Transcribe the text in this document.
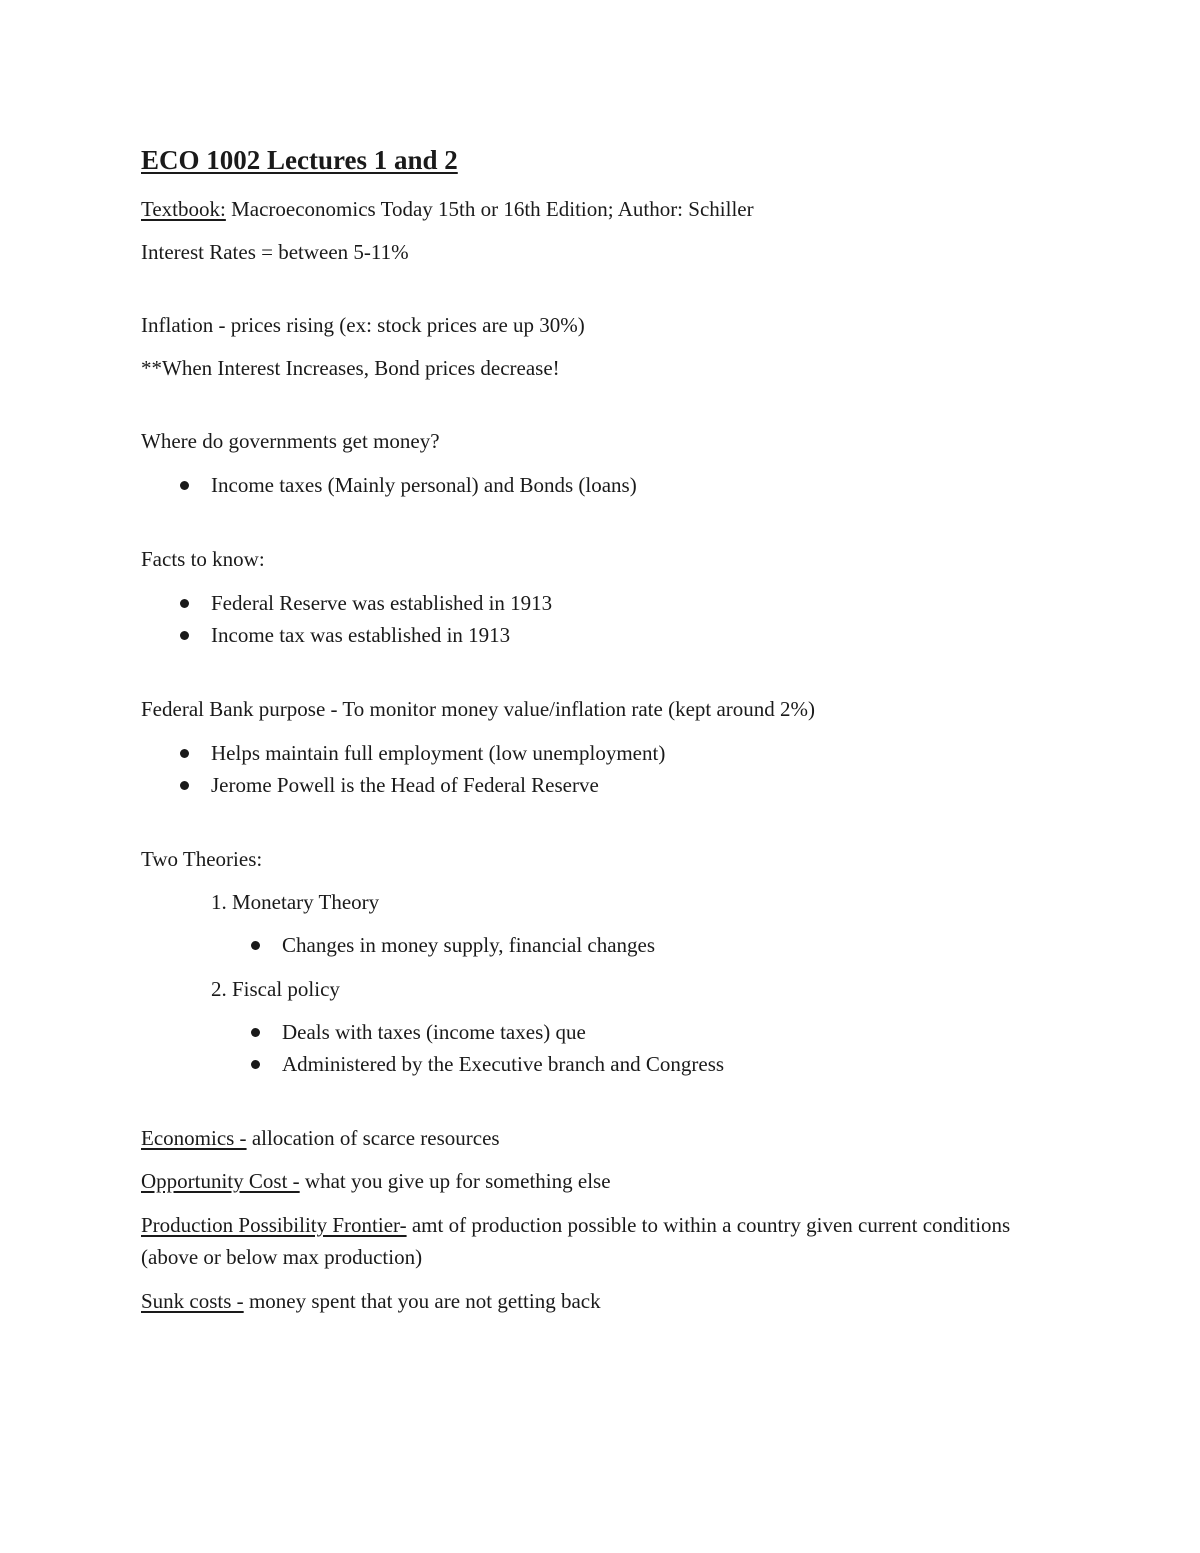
ECO 1002 Lectures 1 and 2
Textbook: Macroeconomics Today 15th or 16th Edition; Author: Schiller
Interest Rates = between 5-11%
Inflation - prices rising (ex: stock prices are up 30%)
**When Interest Increases, Bond prices decrease!
Where do governments get money?
Income taxes (Mainly personal) and Bonds (loans)
Facts to know:
Federal Reserve was established in 1913
Income tax was established in 1913
Federal Bank purpose - To monitor money value/inflation rate (kept around 2%)
Helps maintain full employment (low unemployment)
Jerome Powell is the Head of Federal Reserve
Two Theories:
1. Monetary Theory
Changes in money supply, financial changes
2. Fiscal policy
Deals with taxes (income taxes) que
Administered by the Executive branch and Congress
Economics - allocation of scarce resources
Opportunity Cost - what you give up for something else
Production Possibility Frontier- amt of production possible to within a country given current conditions (above or below max production)
Sunk costs - money spent that you are not getting back
